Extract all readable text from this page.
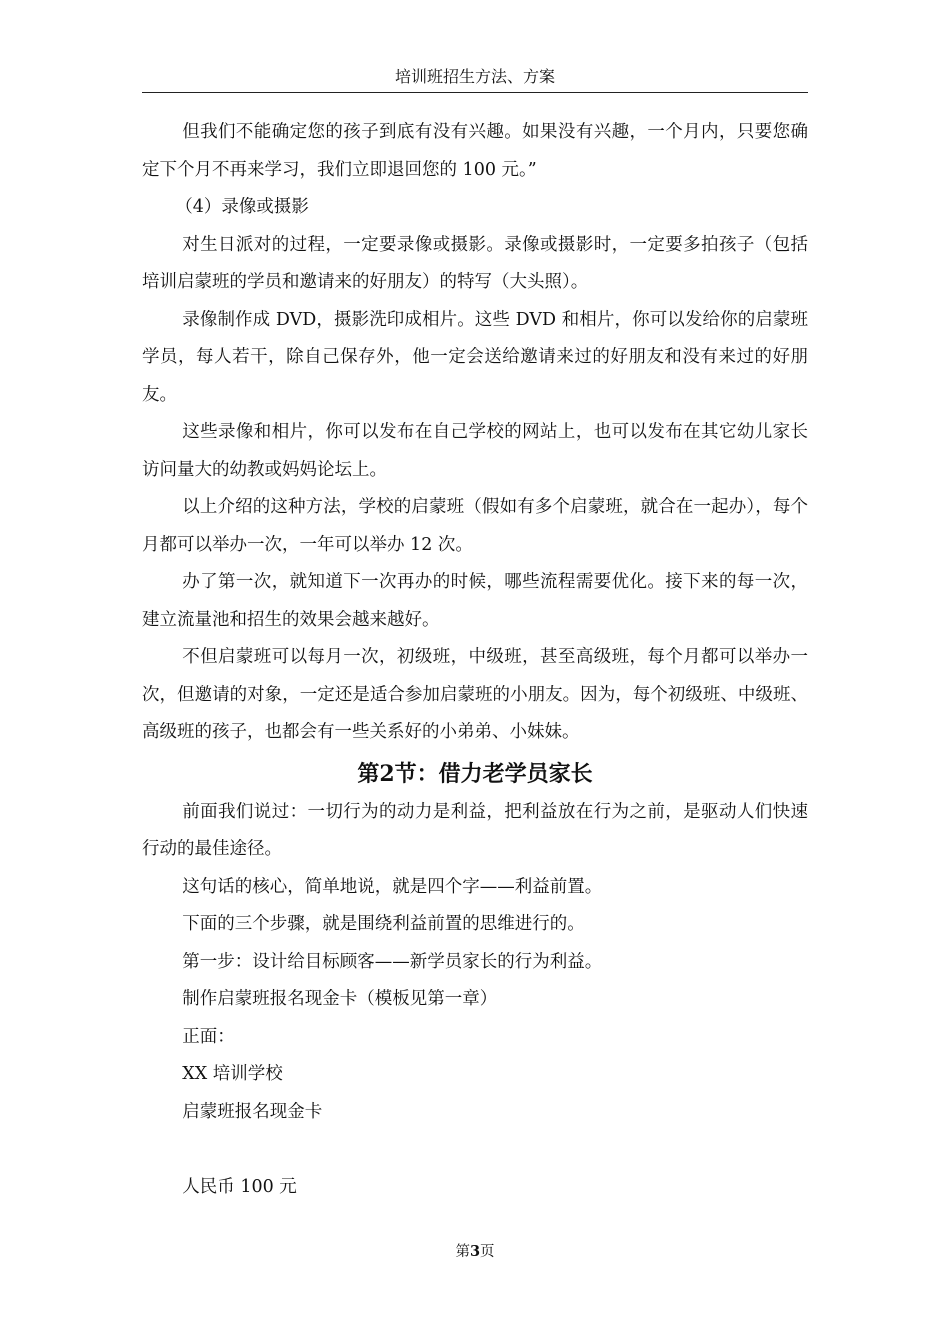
培训班招生方法、方案

但我们不能确定您的孩子到底有没有兴趣。如果没有兴趣，一个月内，只要您确定下个月不再来学习，我们立即退回您的 100 元。”

（4）录像或摄影

对生日派对的过程，一定要录像或摄影。录像或摄影时，一定要多拍孩子（包括培训启蒙班的学员和邀请来的好朋友）的特写（大头照）。

录像制作成 DVD，摄影洗印成相片。这些 DVD 和相片，你可以发给你的启蒙班学员，每人若干，除自己保存外，他一定会送给邀请来过的好朋友和没有来过的好朋友。

这些录像和相片，你可以发布在自己学校的网站上，也可以发布在其它幼儿家长访问量大的幼教或妈妈论坛上。

以上介绍的这种方法，学校的启蒙班（假如有多个启蒙班，就合在一起办），每个月都可以举办一次，一年可以举办 12 次。

办了第一次，就知道下一次再办的时候，哪些流程需要优化。接下来的每一次，建立流量池和招生的效果会越来越好。

不但启蒙班可以每月一次，初级班，中级班，甚至高级班，每个月都可以举办一次，但邀请的对象，一定还是适合参加启蒙班的小朋友。因为，每个初级班、中级班、高级班的孩子，也都会有一些关系好的小弟弟、小妹妹。

第2节：借力老学员家长

前面我们说过：一切行为的动力是利益，把利益放在行为之前，是驱动人们快速行动的最佳途径。

这句话的核心，简单地说，就是四个字——利益前置。

下面的三个步骤，就是围绕利益前置的思维进行的。

第一步：设计给目标顾客——新学员家长的行为利益。

制作启蒙班报名现金卡（模板见第一章）

正面：

XX 培训学校

启蒙班报名现金卡

人民币 100 元

第3页
